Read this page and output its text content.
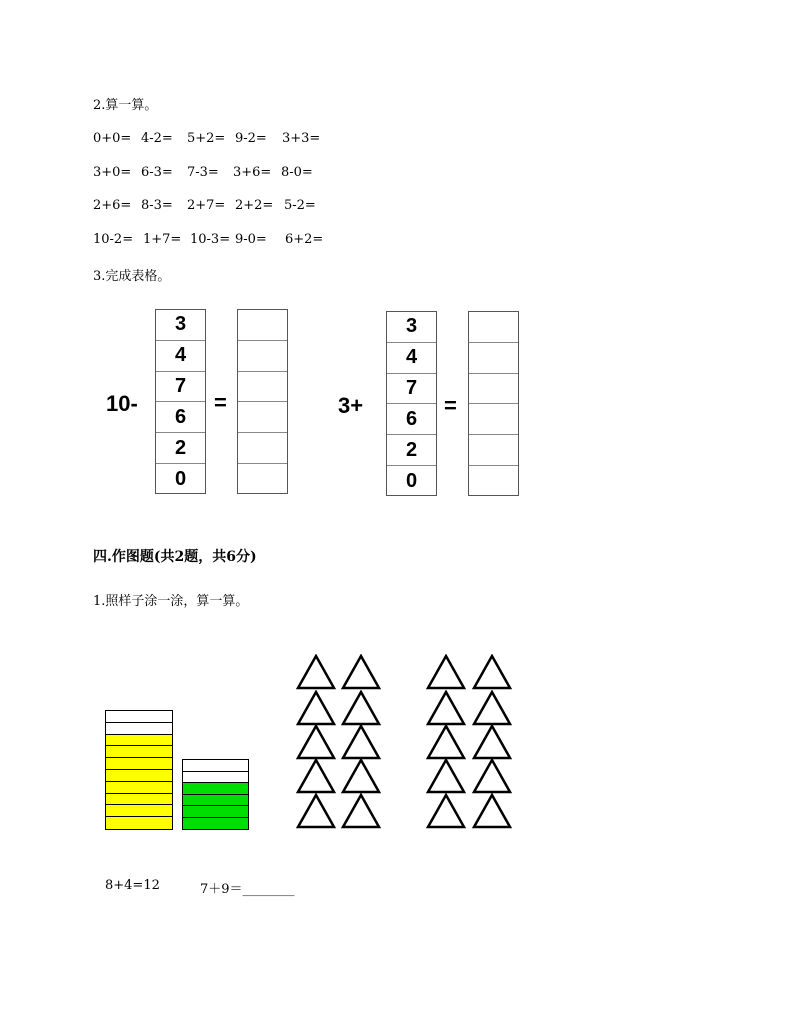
2.算一算。
0+0= 4-2= 5+2= 9-2= 3+3=
3+0= 6-3= 7-3= 3+6= 8-0=
2+6= 8-3= 2+7= 2+2= 5-2=
10-2= 1+7= 10-3= 9-0= 6+2=
3.完成表格。
10-
3
4
7
6
2
0
=	3+
3
4
7
6
2
0
=
四.作图题(共2题，共6分)
1.照样子涂一涂，算一算。
8+4=12	7＋9＝________
